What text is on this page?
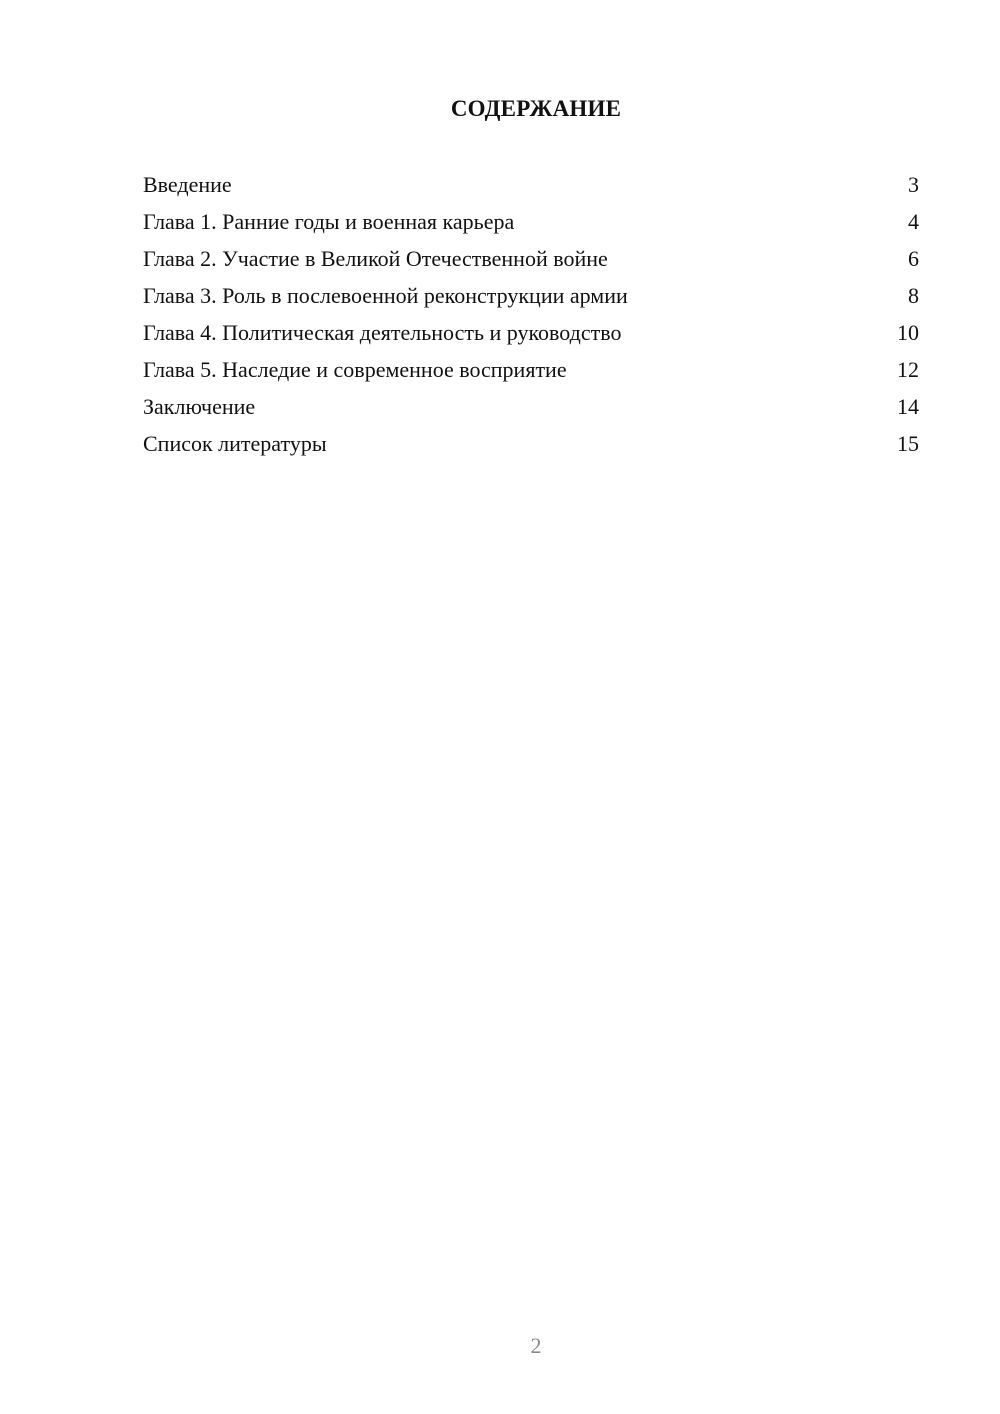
СОДЕРЖАНИЕ
Введение	3
Глава 1. Ранние годы и военная карьера	4
Глава 2. Участие в Великой Отечественной войне	6
Глава 3. Роль в послевоенной реконструкции армии	8
Глава 4. Политическая деятельность и руководство	10
Глава 5. Наследие и современное восприятие	12
Заключение	14
Список литературы	15
2
